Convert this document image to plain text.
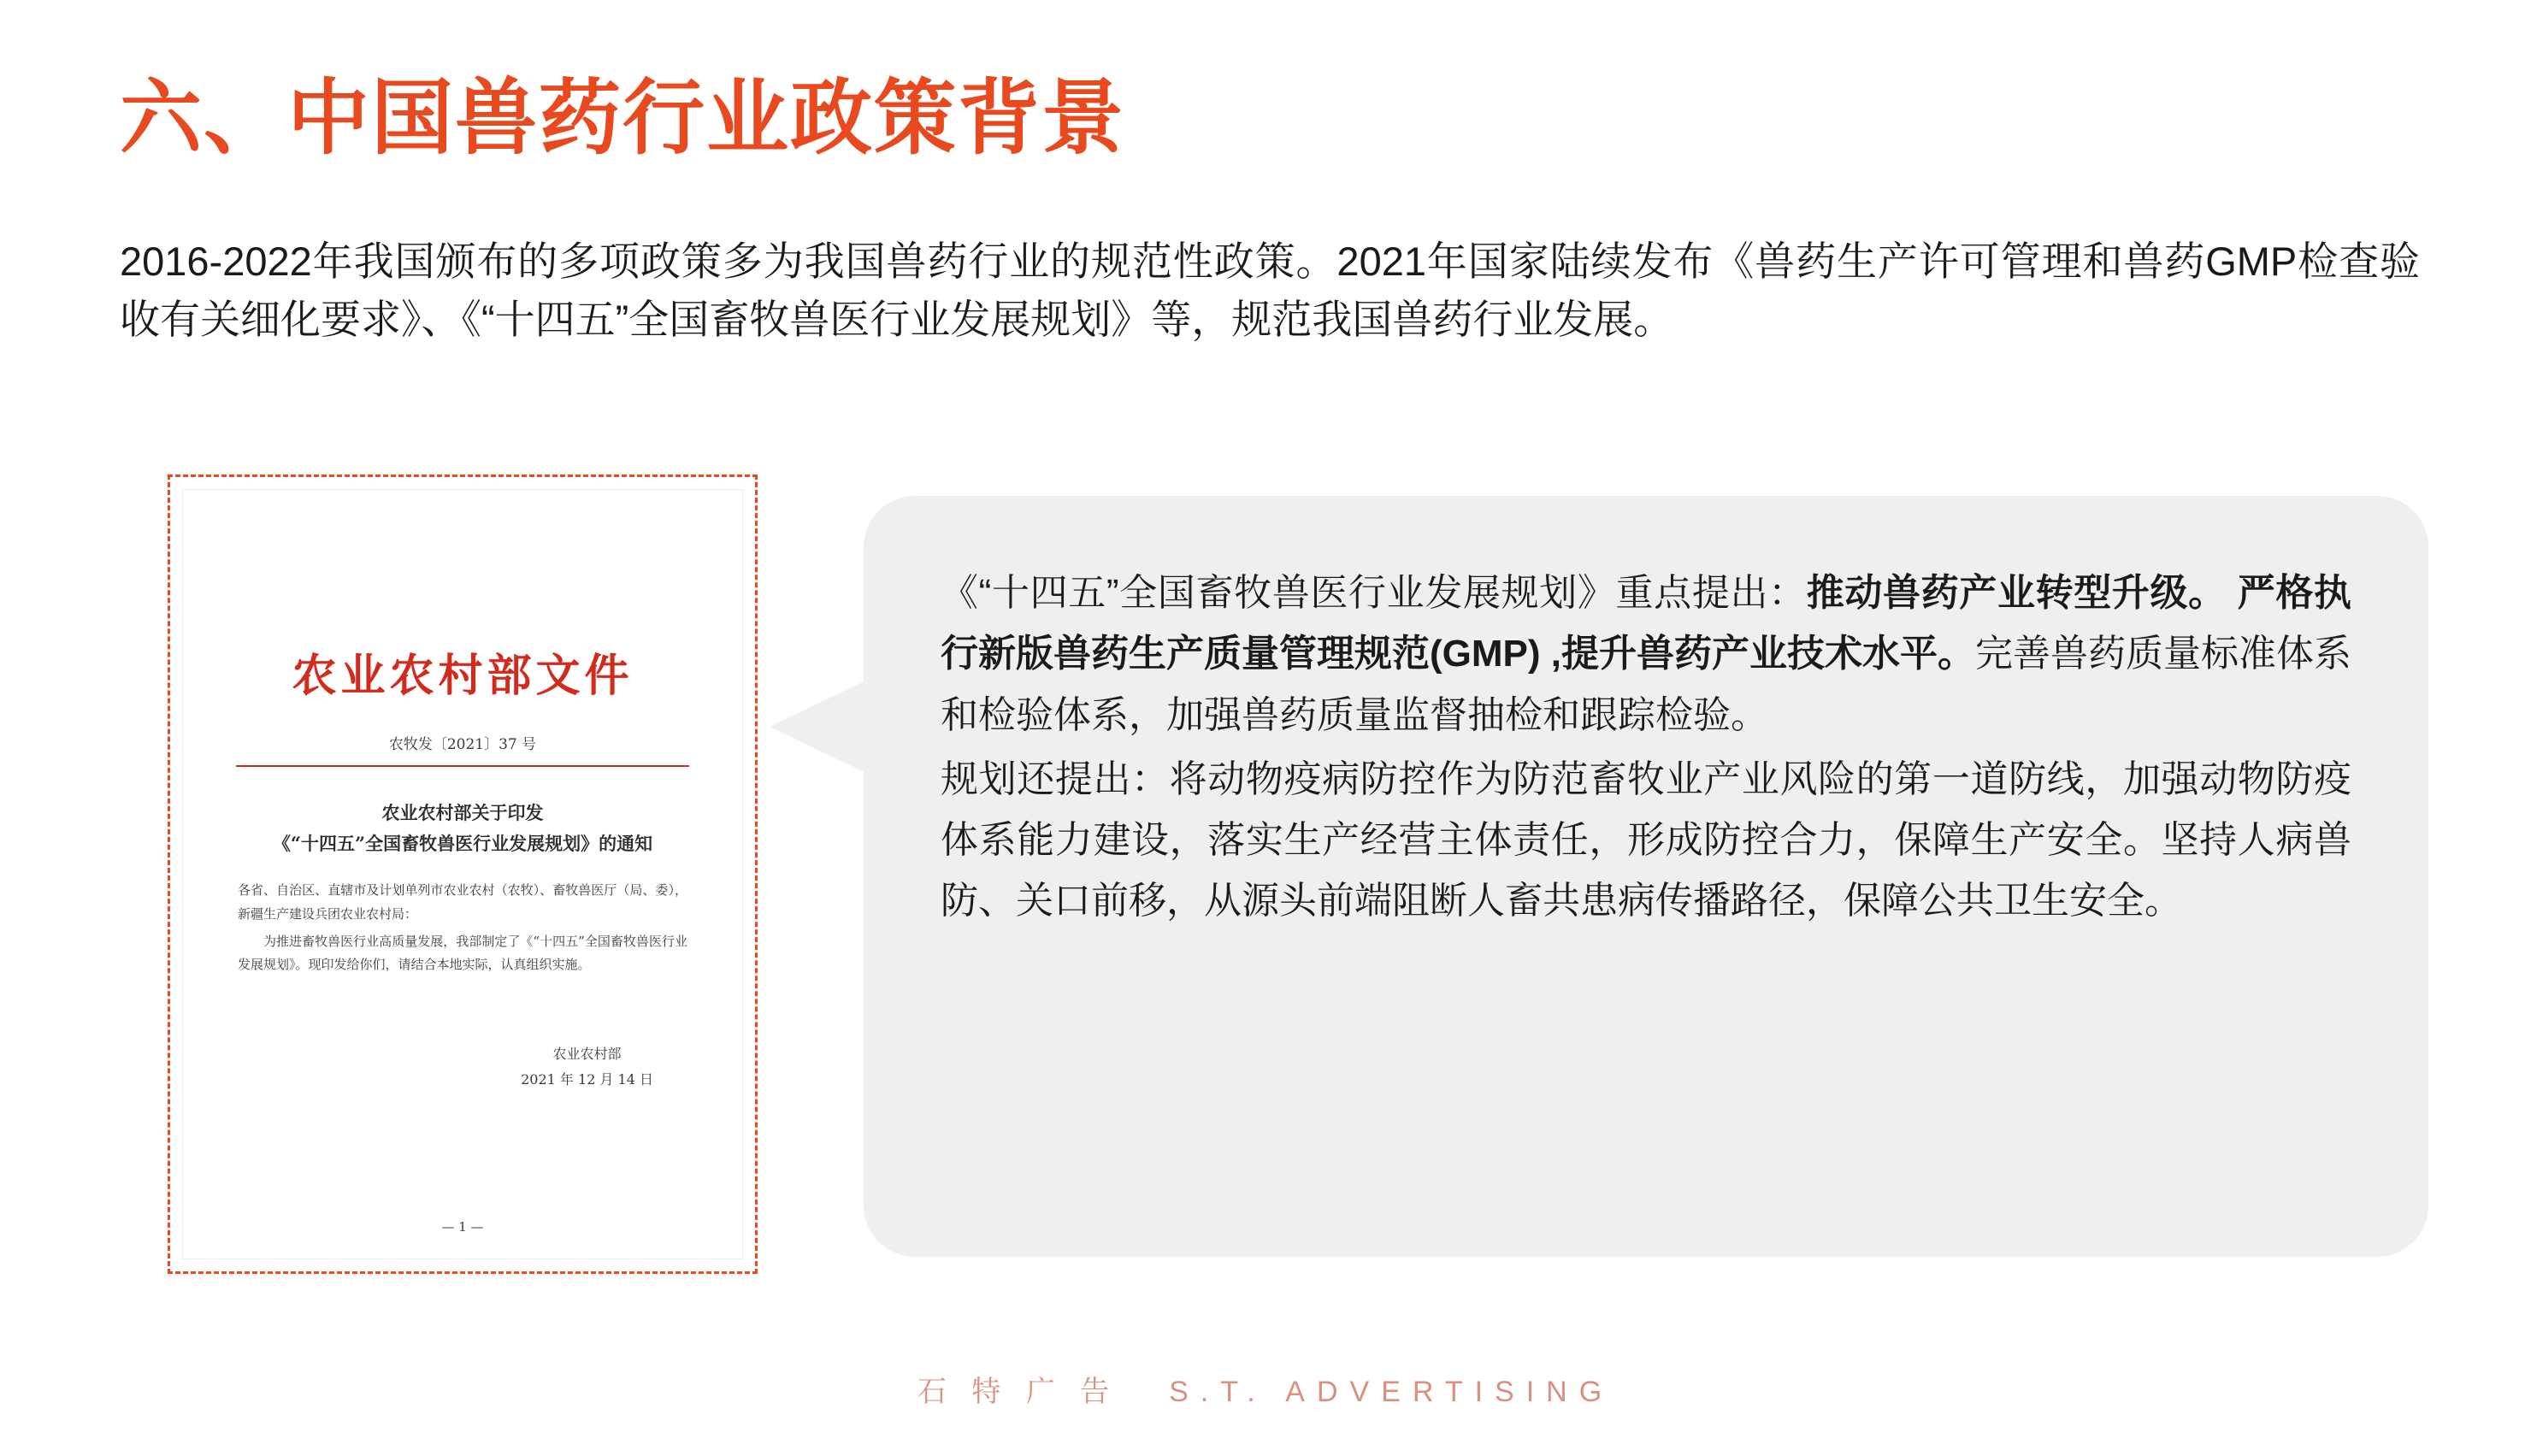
六、中国兽药行业政策背景
2016-2022年我国颁布的多项政策多为我国兽药行业的规范性政策。2021年国家陆续发布《兽药生产许可管理和兽药GMP检查验收有关细化要求》、《“十四五”全国畜牧兽医行业发展规划》等，规范我国兽药行业发展。
农业农村部文件
农牧发〔2021〕37 号
农业农村部关于印发
《“十四五”全国畜牧兽医行业发展规划》的通知

各省、自治区、直辖市及计划单列市农业农村（农牧）、畜牧兽医厅（局、委），新疆生产建设兵团农业农村局：

为推进畜牧兽医行业高质量发展，我部制定了《“十四五”全国畜牧兽医行业发展规划》。现印发给你们，请结合本地实际，认真组织实施。

农业农村部
2021 年 12 月 14 日
— 1 —

《“十四五”全国畜牧兽医行业发展规划》重点提出：推动兽药产业转型升级。 严格执行新版兽药生产质量管理规范(GMP) ,提升兽药产业技术水平。完善兽药质量标准体系和检验体系，加强兽药质量监督抽检和跟踪检验。

规划还提出：将动物疫病防控作为防范畜牧业产业风险的第一道防线，加强动物防疫体系能力建设，落实生产经营主体责任，形成防控合力，保障生产安全。坚持人病兽防、关口前移，从源头前端阻断人畜共患病传播路径，保障公共卫生安全。

石 特 广 告 S.T. ADVERTISING
